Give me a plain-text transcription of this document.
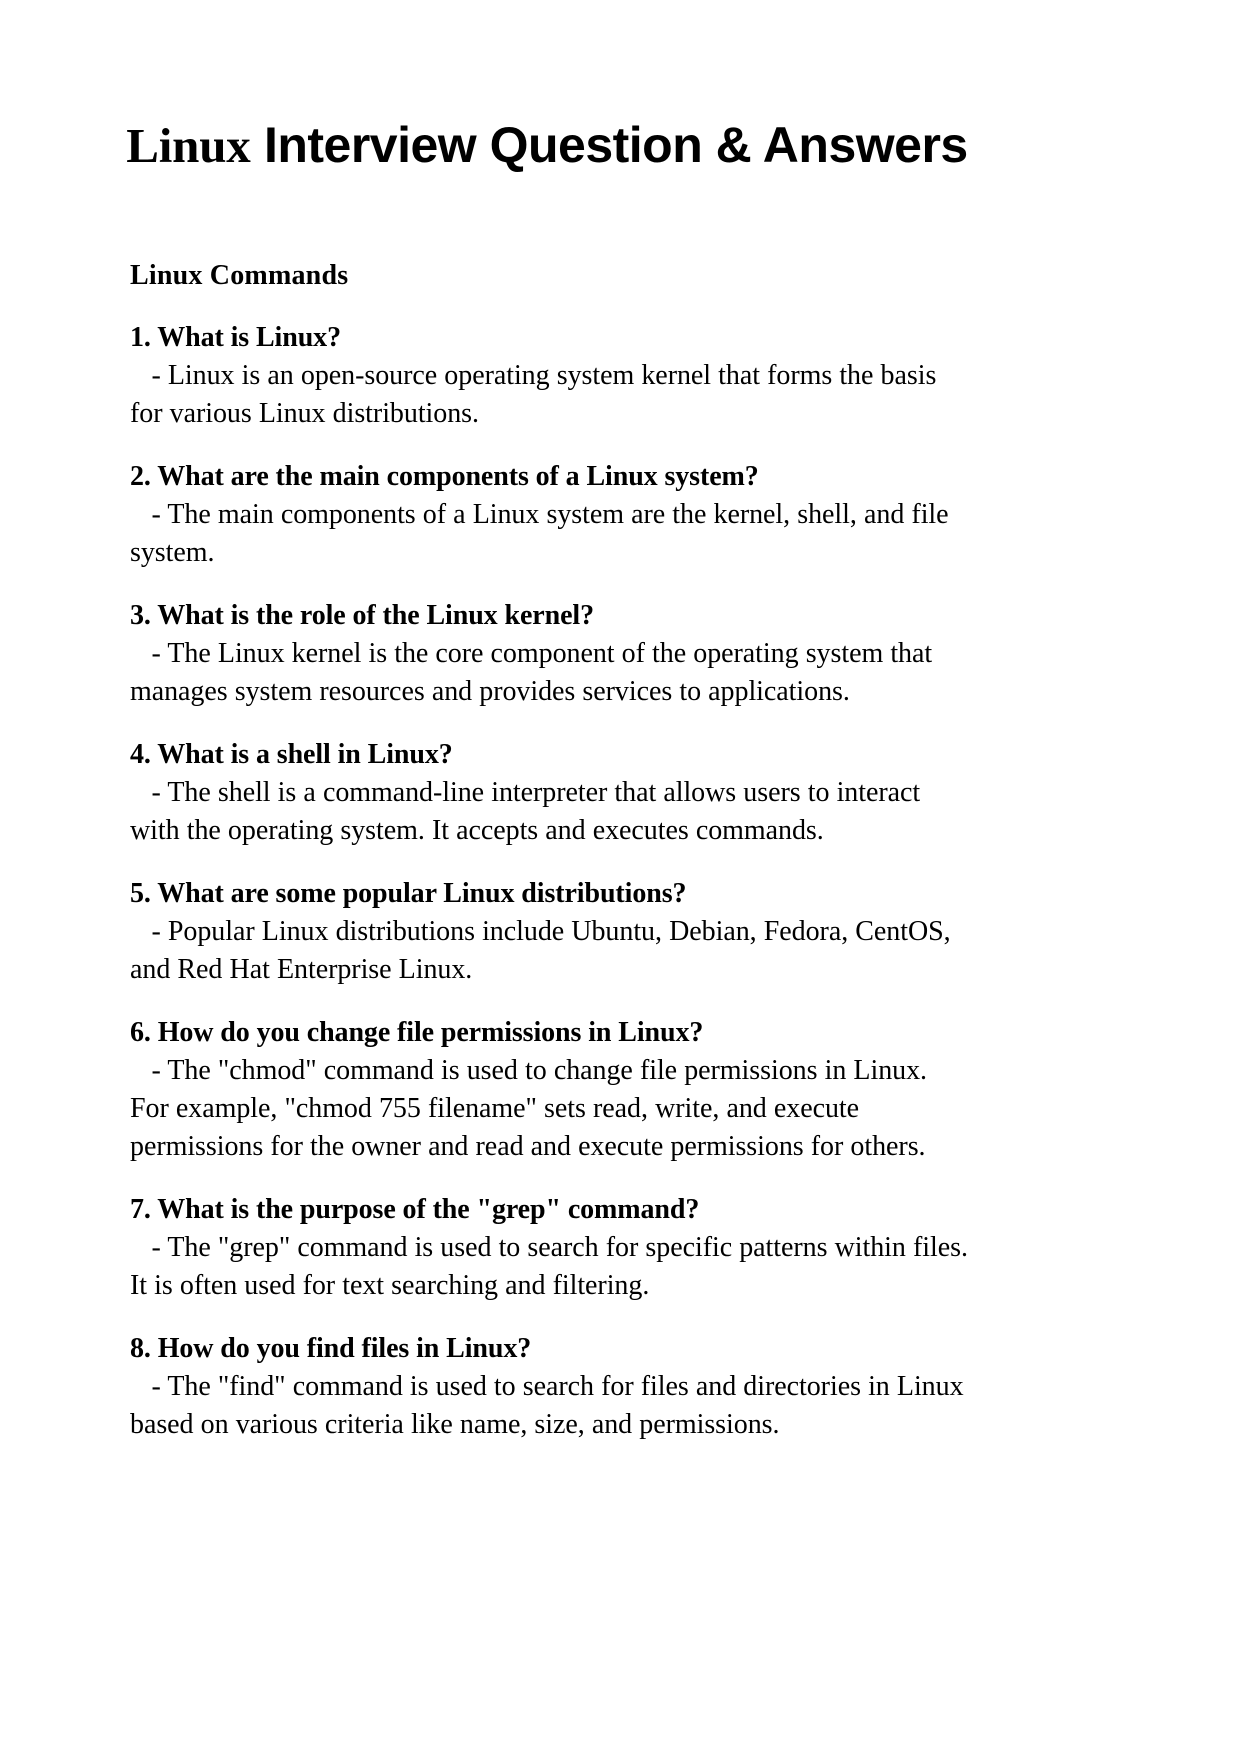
Linux Interview Question & Answers
Linux Commands
1. What is Linux?
- Linux is an open-source operating system kernel that forms the basis for various Linux distributions.
2. What are the main components of a Linux system?
- The main components of a Linux system are the kernel, shell, and file system.
3. What is the role of the Linux kernel?
- The Linux kernel is the core component of the operating system that manages system resources and provides services to applications.
4. What is a shell in Linux?
- The shell is a command-line interpreter that allows users to interact with the operating system. It accepts and executes commands.
5. What are some popular Linux distributions?
- Popular Linux distributions include Ubuntu, Debian, Fedora, CentOS, and Red Hat Enterprise Linux.
6. How do you change file permissions in Linux?
- The "chmod" command is used to change file permissions in Linux. For example, "chmod 755 filename" sets read, write, and execute permissions for the owner and read and execute permissions for others.
7. What is the purpose of the "grep" command?
- The "grep" command is used to search for specific patterns within files. It is often used for text searching and filtering.
8. How do you find files in Linux?
- The "find" command is used to search for files and directories in Linux based on various criteria like name, size, and permissions.
